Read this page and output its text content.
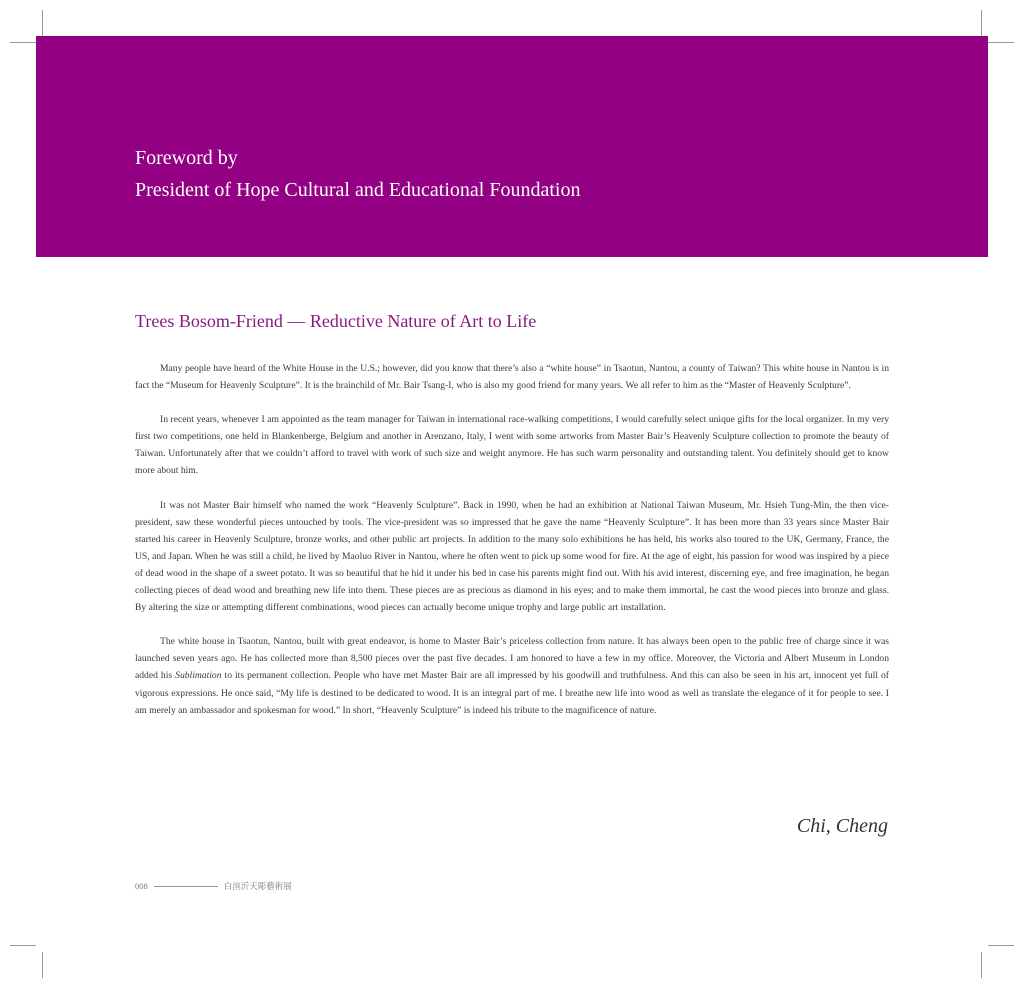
Foreword by
President of Hope Cultural and Educational Foundation
Trees Bosom-Friend — Reductive Nature of Art to Life

Many people have heard of the White House in the U.S.; however, did you know that there’s also a “white house” in Tsaotun, Nantou, a county of Taiwan? This white house in Nantou is in fact the “Museum for Heavenly Sculpture”. It is the brainchild of Mr. Bair Tsang-I, who is also my good friend for many years. We all refer to him as the “Master of Heavenly Sculpture”.

In recent years, whenever I am appointed as the team manager for Taiwan in international race-walking competitions, I would carefully select unique gifts for the local organizer. In my very first two competitions, one held in Blankenberge, Belgium and another in Arenzano, Italy, I went with some artworks from Master Bair’s Heavenly Sculpture collection to promote the beauty of Taiwan. Unfortunately after that we couldn’t afford to travel with work of such size and weight anymore. He has such warm personality and outstanding talent. You definitely should get to know more about him.

It was not Master Bair himself who named the work “Heavenly Sculpture”. Back in 1990, when he had an exhibition at National Taiwan Museum, Mr. Hsieh Tung-Min, the then vice-president, saw these wonderful pieces untouched by tools. The vice-president was so impressed that he gave the name “Heavenly Sculpture”. It has been more than 33 years since Master Bair started his career in Heavenly Sculpture, bronze works, and other public art projects. In addition to the many solo exhibitions he has held, his works also toured to the UK, Germany, France, the US, and Japan. When he was still a child, he lived by Maoluo River in Nantou, where he often went to pick up some wood for fire. At the age of eight, his passion for wood was inspired by a piece of dead wood in the shape of a sweet potato. It was so beautiful that he hid it under his bed in case his parents might find out. With his avid interest, discerning eye, and free imagination, he began collecting pieces of dead wood and breathing new life into them. These pieces are as precious as diamond in his eyes; and to make them immortal, he cast the wood pieces into bronze and glass. By altering the size or attempting different combinations, wood pieces can actually become unique trophy and large public art installation.

The white house in Tsaotun, Nantou, built with great endeavor, is home to Master Bair’s priceless collection from nature. It has always been open to the public free of charge since it was launched seven years ago. He has collected more than 8,500 pieces over the past five decades. I am honored to have a few in my office. Moreover, the Victoria and Albert Museum in London added his Sublimation to its permanent collection. People who have met Master Bair are all impressed by his goodwill and truthfulness. And this can also be seen in his art, innocent yet full of vigorous expressions. He once said, “My life is destined to be dedicated to wood. It is an integral part of me. I breathe new life into wood as well as translate the elegance of it for people to see. I am merely an ambassador and spokesman for wood.” In short, “Heavenly Sculpture” is indeed his tribute to the magnificence of nature.

Chi, Cheng
008	白渲沂天彫藝術展
